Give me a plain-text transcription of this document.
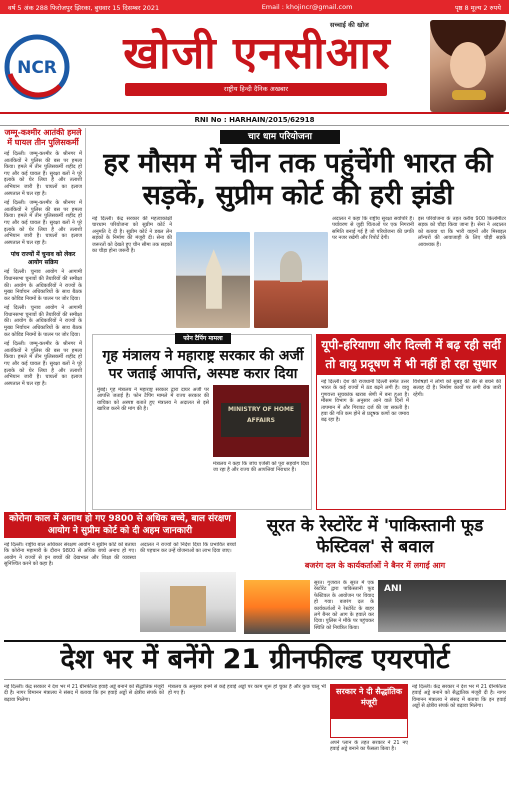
वर्ष 5 अंक 288 फिरोजपुर झिरका, बुधवार 15 दिसम्बर 2021	Email : khojincr@gmail.com	पृष्ठ 8 मूल्य 2 रुपये
NCR
सच्चाई की खोज
खोजी एनसीआर
राष्ट्रीय हिन्दी दैनिक अखबार
RNI No : HARHAIN/2015/62918
जम्मू-कश्मीर आतंकी हमले में घायल तीन पुलिसकर्मी

नई दिल्ली। जम्मू-कश्मीर के श्रीनगर में आतंकियों ने पुलिस की बस पर हमला किया। हमले में तीन पुलिसकर्मी शहीद हो गए और कई घायल हैं। सुरक्षा बलों ने पूरे इलाके को घेर लिया है और तलाशी अभियान जारी है। घायलों का इलाज अस्पताल में चल रहा है।

नई दिल्ली। जम्मू-कश्मीर के श्रीनगर में आतंकियों ने पुलिस की बस पर हमला किया। हमले में तीन पुलिसकर्मी शहीद हो गए और कई घायल हैं। सुरक्षा बलों ने पूरे इलाके को घेर लिया है और तलाशी अभियान जारी है। घायलों का इलाज अस्पताल में चल रहा है।

पांच राज्यों में चुनाव को लेकर आयोग सक्रिय

नई दिल्ली। चुनाव आयोग ने आगामी विधानसभा चुनावों की तैयारियों की समीक्षा की। आयोग के अधिकारियों ने राज्यों के मुख्य निर्वाचन अधिकारियों के साथ बैठक कर कोविड नियमों के पालन पर जोर दिया।

नई दिल्ली। चुनाव आयोग ने आगामी विधानसभा चुनावों की तैयारियों की समीक्षा की। आयोग के अधिकारियों ने राज्यों के मुख्य निर्वाचन अधिकारियों के साथ बैठक कर कोविड नियमों के पालन पर जोर दिया।

नई दिल्ली। जम्मू-कश्मीर के श्रीनगर में आतंकियों ने पुलिस की बस पर हमला किया। हमले में तीन पुलिसकर्मी शहीद हो गए और कई घायल हैं। सुरक्षा बलों ने पूरे इलाके को घेर लिया है और तलाशी अभियान जारी है। घायलों का इलाज अस्पताल में चल रहा है।

चार धाम परियोजना
हर मौसम में चीन तक पहुंचेंगी भारत की सड़कें, सुप्रीम कोर्ट की हरी झंडी
नई दिल्ली। केंद्र सरकार की महत्वाकांक्षी चारधाम परियोजना को सुप्रीम कोर्ट ने अनुमति दे दी है। सुप्रीम कोर्ट ने डबल लेन सड़कों के निर्माण की मंजूरी दी। सेना की जरूरतों को देखते हुए चीन सीमा तक सड़कों का चौड़ा होना जरूरी है।
अदालत ने कहा कि राष्ट्रीय सुरक्षा सर्वोपरि है। पर्यावरण से जुड़ी चिंताओं पर एक निगरानी समिति बनाई गई है जो परियोजना की प्रगति पर नजर रखेगी और रिपोर्ट देगी।
इस परियोजना के तहत करीब 900 किलोमीटर सड़क को चौड़ा किया जाना है। सेना ने अदालत को बताया था कि भारी वाहनों और मिसाइल लॉन्चरों की आवाजाही के लिए चौड़ी सड़कें आवश्यक हैं।
फोन टैपिंग मामला
गृह मंत्रालय ने महाराष्ट्र सरकार की अर्जी पर जताई आपत्ति, अस्पष्ट करार दिया
मुंबई। गृह मंत्रालय ने महाराष्ट्र सरकार द्वारा दायर अर्जी पर आपत्ति जताई है। फोन टैपिंग मामले में राज्य सरकार की याचिका को अस्पष्ट बताते हुए मंत्रालय ने अदालत से इसे खारिज करने की मांग की है।	MINISTRY OF HOME AFFAIRS
मंत्रालय ने कहा कि जांच एजेंसी को पूरा सहयोग दिया जा रहा है और राज्य की आपत्तियां निराधार हैं।
यूपी-हरियाणा और दिल्ली में बढ़ रही सर्दी तो वायु प्रदूषण में भी नहीं हो रहा सुधार
नई दिल्ली। देश की राजधानी दिल्ली समेत उत्तर भारत के कई राज्यों में ठंड बढ़ने लगी है। वायु गुणवत्ता सूचकांक खराब श्रेणी में बना हुआ है। मौसम विभाग के अनुसार आने वाले दिनों में तापमान में और गिरावट दर्ज की जा सकती है। हवा की गति कम होने से प्रदूषक कणों का जमाव बढ़ रहा है।
विशेषज्ञों ने लोगों को सुबह की सैर से बचने की सलाह दी है। निर्माण कार्यों पर लगी रोक जारी रहेगी।
कोरोना काल में अनाथ हो गए 9800 से अधिक बच्चे, बाल संरक्षण आयोग ने सुप्रीम कोर्ट को दी अहम जानकारी
नई दिल्ली। राष्ट्रीय बाल अधिकार संरक्षण आयोग ने सुप्रीम कोर्ट को बताया कि कोरोना महामारी के दौरान 9800 से अधिक बच्चे अनाथ हो गए। आयोग ने राज्यों से इन बच्चों की देखभाल और शिक्षा की व्यवस्था सुनिश्चित करने को कहा है।
अदालत ने राज्यों को निर्देश दिया कि प्रभावित बच्चों की पहचान कर उन्हें योजनाओं का लाभ दिया जाए।
सूरत के रेस्टोरेंट में 'पाकिस्तानी फूड फेस्टिवल' से बवाल
बजरंग दल के कार्यकर्ताओं ने बैनर में लगाई आग
सूरत। गुजरात के सूरत में एक रेस्टोरेंट द्वारा पाकिस्तानी फूड फेस्टिवल के आयोजन पर विवाद हो गया। बजरंग दल के कार्यकर्ताओं ने रेस्टोरेंट के बाहर लगे बैनर को आग के हवाले कर दिया। पुलिस ने मौके पर पहुंचकर स्थिति को नियंत्रित किया।
ANI
देश भर में बनेंगे 21 ग्रीनफील्ड एयरपोर्ट
नई दिल्ली। केंद्र सरकार ने देश भर में 21 ग्रीनफील्ड हवाई अड्डे बनाने को सैद्धांतिक मंजूरी दी है। नागर विमानन मंत्रालय ने संसद में बताया कि इन हवाई अड्डों से क्षेत्रीय संपर्क को बढ़ावा मिलेगा।
मंत्रालय के अनुसार इनमें से कई हवाई अड्डों पर काम शुरू हो चुका है और कुछ चालू भी हो गए हैं।	सरकार ने दी सैद्धांतिक मंजूरी
अपने प्लान के तहत सरकार ने 21 नए हवाई अड्डे बनाने का फैसला किया है।
नई दिल्ली। केंद्र सरकार ने देश भर में 21 ग्रीनफील्ड हवाई अड्डे बनाने को सैद्धांतिक मंजूरी दी है। नागर विमानन मंत्रालय ने संसद में बताया कि इन हवाई अड्डों से क्षेत्रीय संपर्क को बढ़ावा मिलेगा।
